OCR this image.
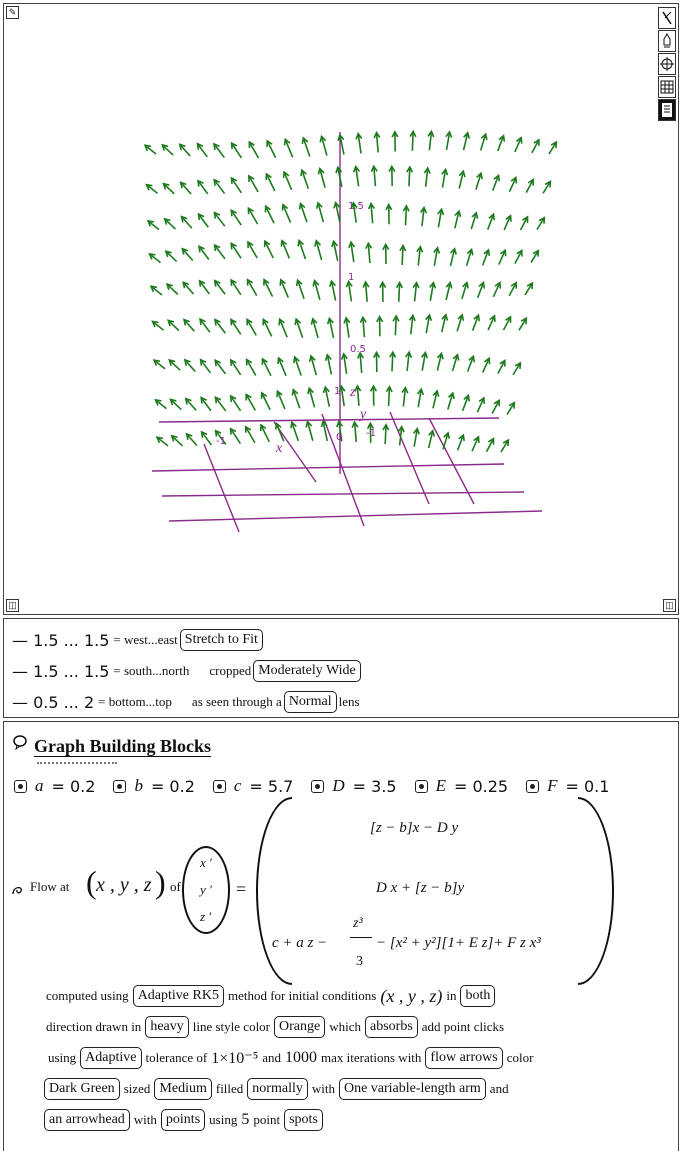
✎
◫	◫
1.5
1
0.5
0
x
y
z
-1
-1
1
— 1.5 ... 1.5 = west...east Stretch to Fit
— 1.5 ... 1.5 = south...north cropped Moderately Wide
— 0.5 ... 2 = bottom...top as seen through a Normal lens
Graph Building Blocks
a = 0.2 b = 0.2 c = 5.7 D = 3.5 E = 0.25 F = 0.1
Flow at ( x , y , z ) of
x ′
y ′
z ′
=
[z − b]x − D y
D x + [z − b]y
c + a z −
z³
3
− [x² + y²][1+ E z]+ F z x³
computed using Adaptive RK5 method for initial conditions (x , y , z) in both
direction drawn in heavy line style color Orange which absorbs add point clicks
using Adaptive tolerance of 1×10⁻⁵ and 1000 max iterations with flow arrows color
Dark Green sized Medium filled normally with One variable-length arm and
an arrowhead with points using 5 point spots
